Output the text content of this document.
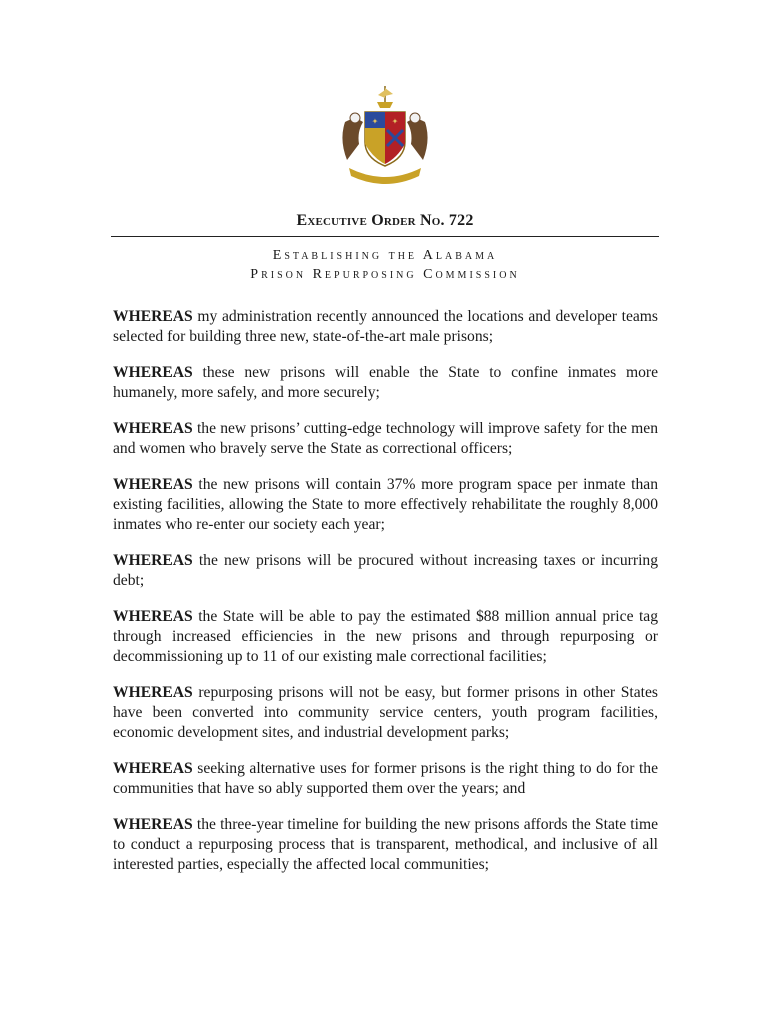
✦ ✦
Executive Order No. 722
Establishing the Alabama
Prison Repurposing Commission

WHEREAS my administration recently announced the locations and developer teams selected for building three new, state-of-the-art male prisons;

WHEREAS these new prisons will enable the State to confine inmates more humanely, more safely, and more securely;

WHEREAS the new prisons’ cutting-edge technology will improve safety for the men and women who bravely serve the State as correctional officers;

WHEREAS the new prisons will contain 37% more program space per inmate than existing facilities, allowing the State to more effectively rehabilitate the roughly 8,000 inmates who re-enter our society each year;

WHEREAS the new prisons will be procured without increasing taxes or incurring debt;

WHEREAS the State will be able to pay the estimated $88 million annual price tag through increased efficiencies in the new prisons and through repurposing or decommissioning up to 11 of our existing male correctional facilities;

WHEREAS repurposing prisons will not be easy, but former prisons in other States have been converted into community service centers, youth program facilities, economic development sites, and industrial development parks;

WHEREAS seeking alternative uses for former prisons is the right thing to do for the communities that have so ably supported them over the years; and

WHEREAS the three-year timeline for building the new prisons affords the State time to conduct a repurposing process that is transparent, methodical, and inclusive of all interested parties, especially the affected local communities;
